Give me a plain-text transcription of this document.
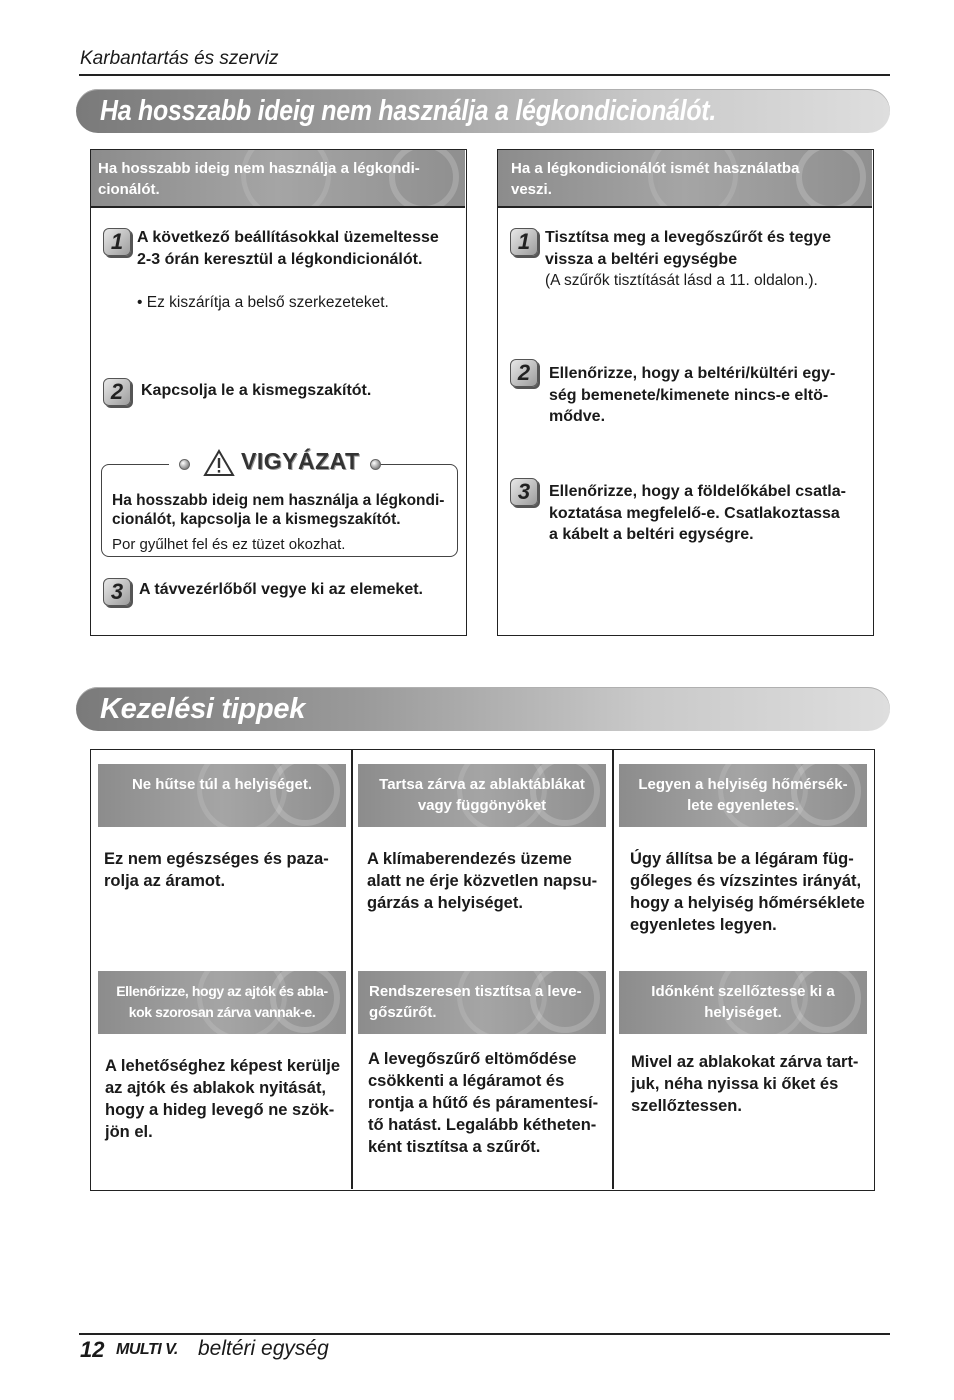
Karbantartás és szerviz
Ha hosszabb ideig nem használja a légkondicionálót.
Ha hosszabb ideig nem használja a légkondi-
cionálót.
1 A következő beállításokkal üzemeltesse
2-3 órán keresztül a légkondicionálót.
• Ez kiszárítja a belső szerkezeteket.
2	Kapcsolja le a kismegszakítót.
Ha hosszabb ideig nem használja a légkondi-
cionálót, kapcsolja le a kismegszakítót.
Por gyűlhet fel és ez tüzet okozhat.
VIGYÁZAT
3 A távvezérlőből vegye ki az elemeket.
Ha a légkondicionálót ismét használatba
veszi.
1 Tisztítsa meg a levegőszűrőt és tegye
vissza a beltéri egységbe
(A szűrők tisztítását lásd a 11. oldalon.).
2	Ellenőrizze, hogy a beltéri/kültéri egy-
ség bemenete/kimenete nincs-e eltö-
mődve.
3	Ellenőrizze, hogy a földelőkábel csatla-
koztatása megfelelő-e. Csatlakoztassa
a kábelt a beltéri egységre.
Kezelési tippek
Ne hűtse túl a helyiséget.
Ez nem egészséges és paza-
rolja az áramot.
Tartsa zárva az ablaktáblákat
vagy függönyöket
A klímaberendezés üzeme
alatt ne érje közvetlen napsu-
gárzás a helyiséget.
Legyen a helyiség hőmérsék-
lete egyenletes.
Úgy állítsa be a légáram füg-
gőleges és vízszintes irányát,
hogy a helyiség hőmérséklete
egyenletes legyen.
Ellenőrizze, hogy az ajtók és abla-
kok szorosan zárva vannak-e.
A lehetőséghez képest kerülje
az ajtók és ablakok nyitását,
hogy a hideg levegő ne szök-
jön el.
Rendszeresen tisztítsa a leve-
gőszűrőt.
A levegőszűrő eltömődése
csökkenti a légáramot és
rontja a hűtő és páramentesí-
tő hatást. Legalább kétheten-
ként tisztítsa a szűrőt.
Időnként szellőztesse ki a
helyiséget.
Mivel az ablakokat zárva tart-
juk, néha nyissa ki őket és
szellőztessen.
12 MULTI V. beltéri egység
